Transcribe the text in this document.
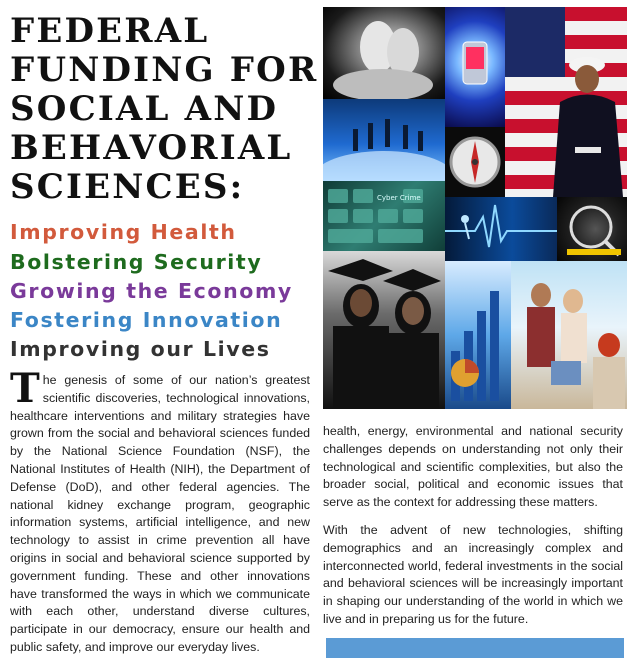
FEDERAL
FUNDING FOR
SOCIAL AND
BEHAVORIAL
SCIENCES:
Improving Health
Bolstering Security
Growing the Economy
Fostering Innovation
Improving our Lives
The genesis of some of our nation’s greatest scientific discoveries, technological innovations, healthcare interventions and military strategies have grown from the social and behavioral sciences funded by the National Science Foundation (NSF), the National Institutes of Health (NIH), the Department of Defense (DoD), and other federal agencies. The national kidney exchange program, geographic information systems, artificial intelligence, and new technology to assist in crime prevention all have origins in social and behavioral science supported by government funding. These and other innovations have transformed the ways in which we communicate with each other, understand diverse cultures, participate in our democracy, ensure our health and public safety, and improve our everyday lives.
Cyber Crime

health, energy, environmental and national security challenges depends on understanding not only their technological and scientific complexities, but also the broader social, political and economic issues that serve as the context for addressing these matters.

With the advent of new technologies, shifting demographics and an increasingly complex and interconnected world, federal investments in the social and behavioral sciences will be increasingly important in shaping our understanding of the world in which we live and in preparing us for the future.
